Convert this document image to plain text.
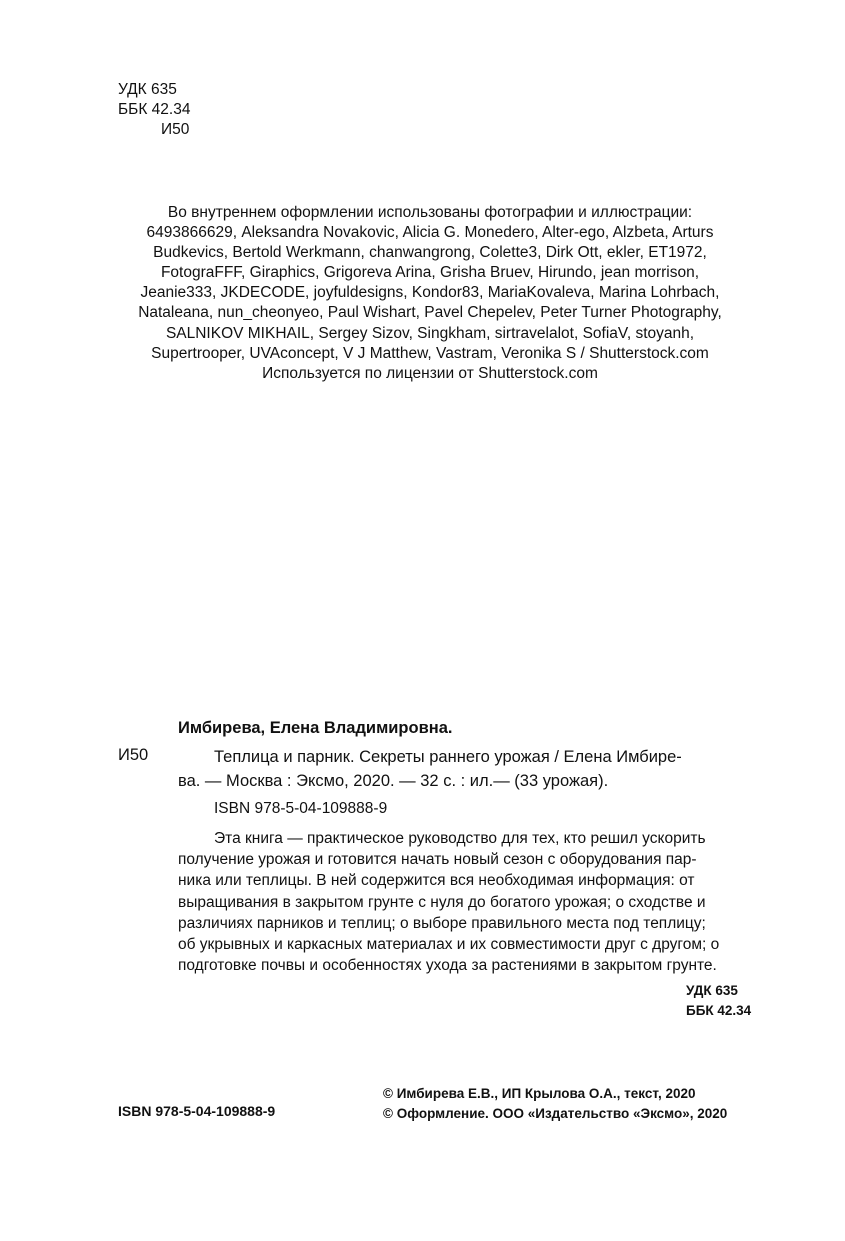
УДК 635
ББК 42.34
И50
Во внутреннем оформлении использованы фотографии и иллюстрации:
6493866629, Aleksandra Novakovic, Alicia G. Monedero, Alter-ego, Alzbeta, Arturs
Budkevics, Bertold Werkmann, chanwangrong, Colette3, Dirk Ott, ekler, ET1972,
FotograFFF, Giraphics, Grigoreva Arina, Grisha Bruev, Hirundo, jean morrison,
Jeanie333, JKDECODE, joyfuldesigns, Kondor83, MariaKovaleva, Marina Lohrbach,
Nataleana, nun_cheonyeo, Paul Wishart, Pavel Chepelev, Peter Turner Photography,
SALNIKOV MIKHAIL, Sergey Sizov, Singkham, sirtravelalot, SofiaV, stoyanh,
Supertrooper, UVAconcept, V J Matthew, Vastram, Veronika S / Shutterstock.com
Используется по лицензии от Shutterstock.com
Имбирева, Елена Владимировна.
И50	Теплица и парник. Секреты раннего урожая / Елена Имбире-
ва. — Москва : Эксмо, 2020. — 32 с. : ил.— (33 урожая).
ISBN 978-5-04-109888-9
Эта книга — практическое руководство для тех, кто решил ускорить
получение урожая и готовится начать новый сезон с оборудования пар-
ника или теплицы. В ней содержится вся необходимая информация: от
выращивания в закрытом грунте с нуля до богатого урожая; о сходстве и
различиях парников и теплиц; о выборе правильного места под теплицу;
об укрывных и каркасных материалах и их совместимости друг с другом; о
подготовке почвы и особенностях ухода за растениями в закрытом грунте.
УДК 635
ББК 42.34
© Имбирева Е.В., ИП Крылова О.А., текст, 2020
© Оформление. ООО «Издательство «Эксмо», 2020
ISBN 978-5-04-109888-9
